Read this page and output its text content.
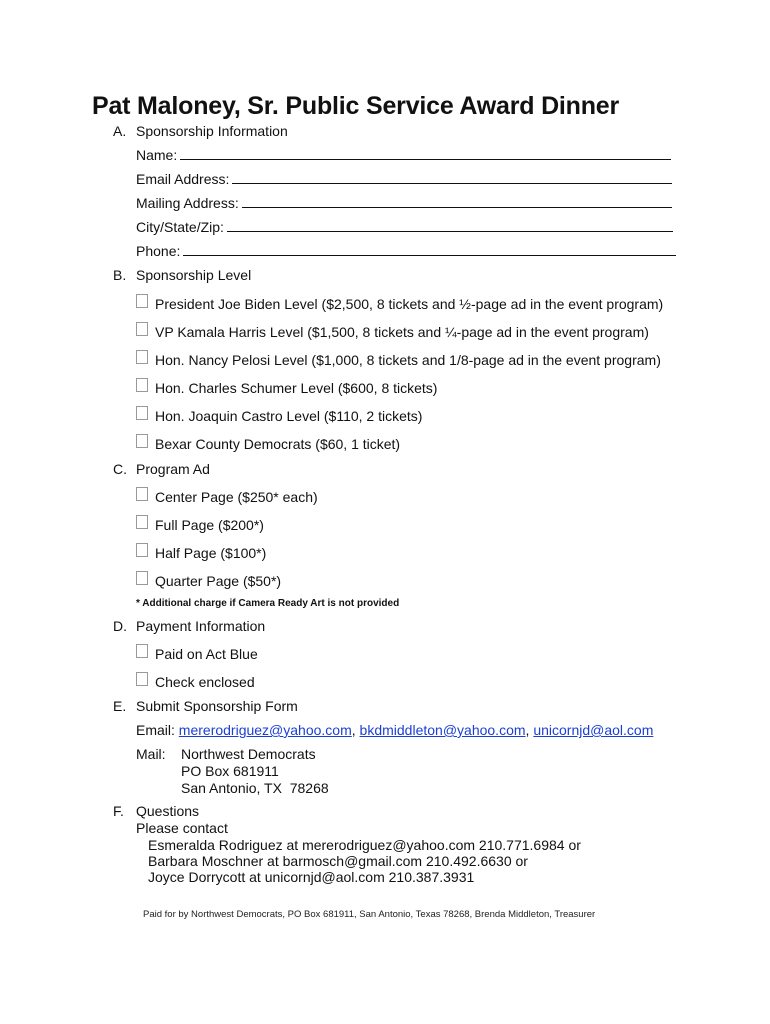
Pat Maloney, Sr. Public Service Award Dinner
A. Sponsorship Information
Name:
Email Address:
Mailing Address:
City/State/Zip:
Phone:
B. Sponsorship Level
President Joe Biden Level ($2,500, 8 tickets and ½-page ad in the event program)
VP Kamala Harris Level ($1,500, 8 tickets and ¼-page ad in the event program)
Hon. Nancy Pelosi Level ($1,000, 8 tickets and 1/8-page ad in the event program)
Hon. Charles Schumer Level ($600, 8 tickets)
Hon. Joaquin Castro Level ($110, 2 tickets)
Bexar County Democrats ($60, 1 ticket)
C. Program Ad
Center Page ($250* each)
Full Page ($200*)
Half Page ($100*)
Quarter Page ($50*)
* Additional charge if Camera Ready Art is not provided
D. Payment Information
Paid on Act Blue
Check enclosed
E. Submit Sponsorship Form
Email: mererodriguez@yahoo.com, bkdmiddleton@yahoo.com, unicornjd@aol.com
Mail: Northwest Democrats
PO Box 681911
San Antonio, TX  78268
F. Questions
Please contact
Esmeralda Rodriguez at mererodriguez@yahoo.com 210.771.6984 or
Barbara Moschner at barmosch@gmail.com 210.492.6630 or
Joyce Dorrycott at unicornjd@aol.com 210.387.3931
Paid for by Northwest Democrats, PO Box 681911, San Antonio, Texas 78268, Brenda Middleton, Treasurer
